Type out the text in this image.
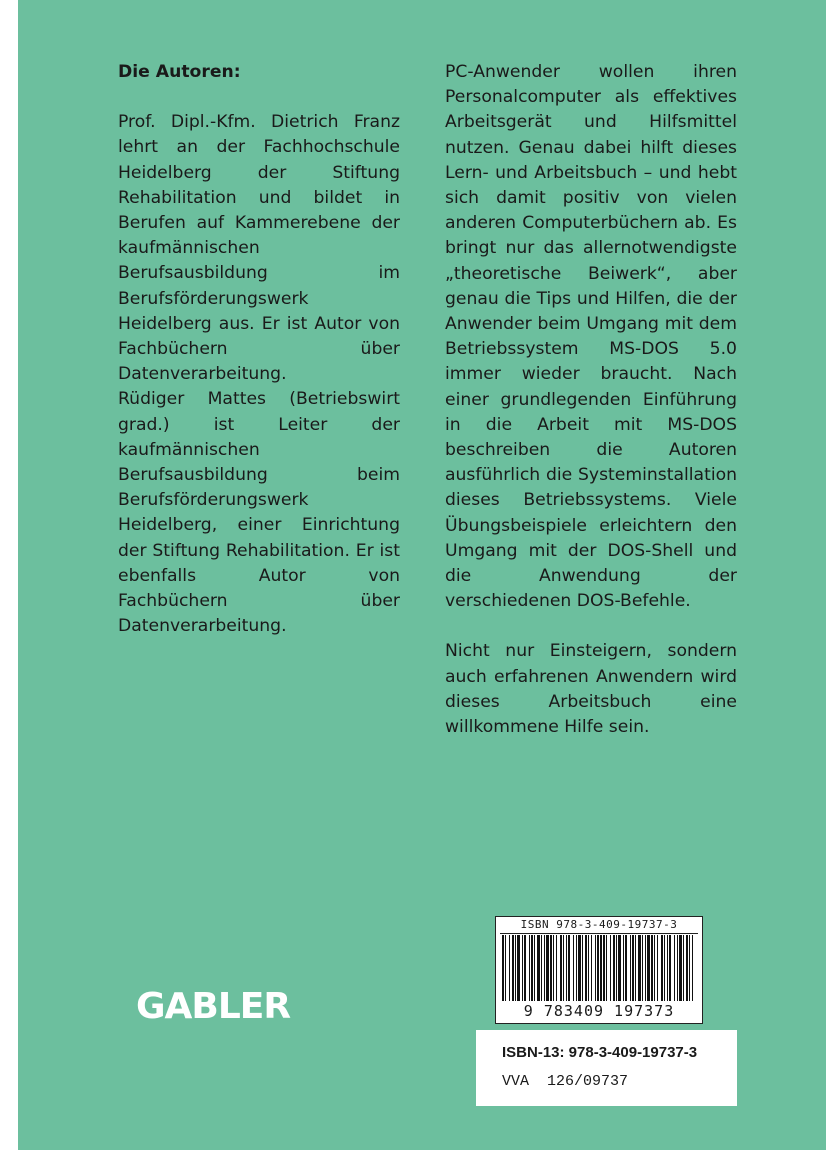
Die Autoren:

Prof. Dipl.-Kfm. Dietrich Franz lehrt an der Fachhochschule Heidelberg der Stiftung Rehabilitation und bildet in Berufen auf Kammerebene der kaufmännischen Berufsausbildung im Berufsförderungswerk Heidelberg aus. Er ist Autor von Fachbüchern über Datenverarbeitung.

Rüdiger Mattes (Betriebswirt grad.) ist Leiter der kaufmännischen Berufsausbildung beim Berufsförderungswerk Heidelberg, einer Einrichtung der Stiftung Rehabilitation. Er ist ebenfalls Autor von Fachbüchern über Datenverarbeitung.

PC-Anwender wollen ihren Personalcomputer als effektives Arbeitsgerät und Hilfsmittel nutzen. Genau dabei hilft dieses Lern- und Arbeitsbuch – und hebt sich damit positiv von vielen anderen Computerbüchern ab. Es bringt nur das allernotwendigste „theoretische Beiwerk“, aber genau die Tips und Hilfen, die der Anwender beim Umgang mit dem Betriebssystem MS-DOS 5.0 immer wieder braucht. Nach einer grundlegenden Einführung in die Arbeit mit MS-DOS beschreiben die Autoren ausführlich die Systeminstallation dieses Betriebssystems. Viele Übungsbeispiele erleichtern den Umgang mit der DOS-Shell und die Anwendung der verschiedenen DOS-Befehle.

Nicht nur Einsteigern, sondern auch erfahrenen Anwendern wird dieses Arbeitsbuch eine willkommene Hilfe sein.

GABLER
ISBN 978-3-409-19737-3
9 783409 197373
ISBN-13: 978-3-409-19737-3
VVA  126/09737
